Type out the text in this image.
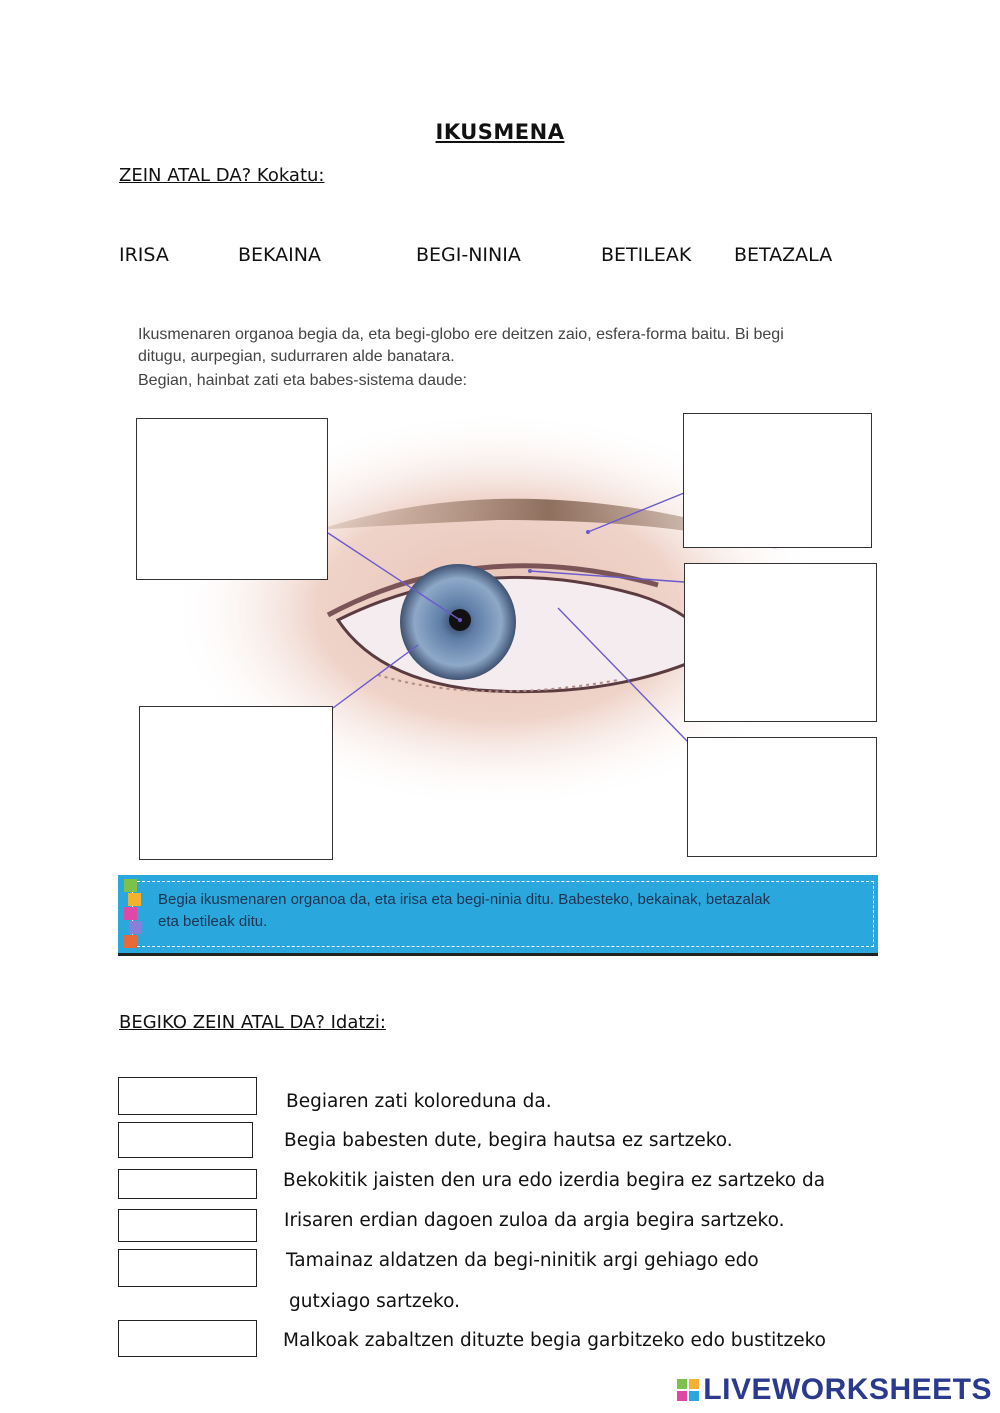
IKUSMENA
ZEIN ATAL DA? Kokatu:
IRISA	BEKAINA	BEGI-NINIA	BETILEAK BETAZALA
Ikusmenaren organoa begia da, eta begi-globo ere deitzen zaio, esfera-forma baitu. Bi begi
ditugu, aurpegian, sudurraren alde banatara.
Begian, hainbat zati eta babes-sistema daude:
Begia ikusmenaren organoa da, eta irisa eta begi-ninia ditu. Babesteko, bekainak, betazalak
eta betileak ditu.
BEGIKO ZEIN ATAL DA? Idatzi:
Begiaren zati koloreduna da.
Begia babesten dute, begira hautsa ez sartzeko.
Bekokitik jaisten den ura edo izerdia begira ez sartzeko da
Irisaren erdian dagoen zuloa da argia begira sartzeko.
Tamainaz aldatzen da begi-ninitik argi gehiago edo
gutxiago sartzeko.
Malkoak zabaltzen dituzte begia garbitzeko edo bustitzeko
LIVEWORKSHEETS
